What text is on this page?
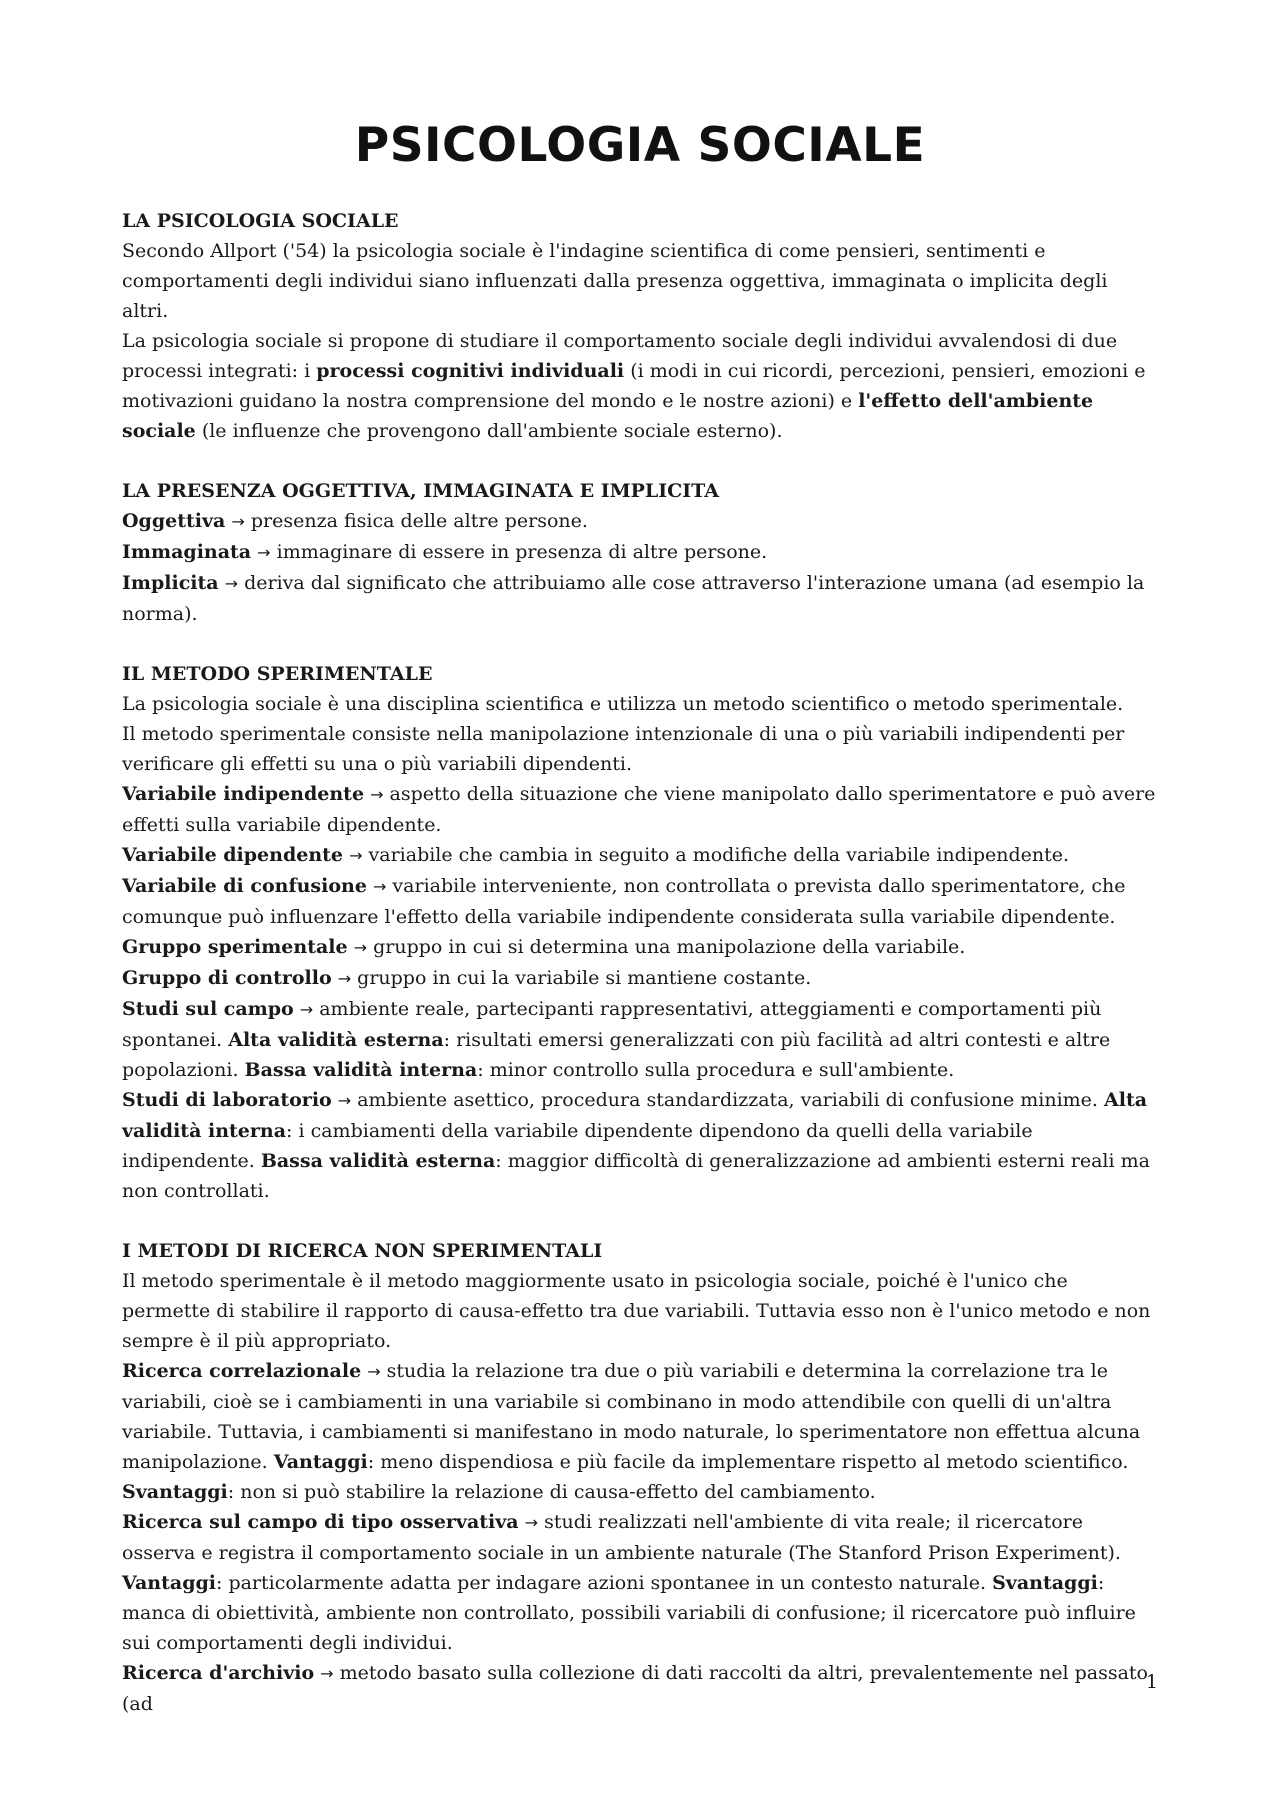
PSICOLOGIA SOCIALE
LA PSICOLOGIA SOCIALE

Secondo Allport ('54) la psicologia sociale è l'indagine scientifica di come pensieri, sentimenti e comportamenti degli individui siano influenzati dalla presenza oggettiva, immaginata o implicita degli altri.

La psicologia sociale si propone di studiare il comportamento sociale degli individui avvalendosi di due processi integrati: i processi cognitivi individuali (i modi in cui ricordi, percezioni, pensieri, emozioni e motivazioni guidano la nostra comprensione del mondo e le nostre azioni) e l'effetto dell'ambiente sociale (le influenze che provengono dall'ambiente sociale esterno).

LA PRESENZA OGGETTIVA, IMMAGINATA E IMPLICITA

Oggettiva → presenza fisica delle altre persone.

Immaginata → immaginare di essere in presenza di altre persone.

Implicita → deriva dal significato che attribuiamo alle cose attraverso l'interazione umana (ad esempio la norma).

IL METODO SPERIMENTALE

La psicologia sociale è una disciplina scientifica e utilizza un metodo scientifico o metodo sperimentale.

Il metodo sperimentale consiste nella manipolazione intenzionale di una o più variabili indipendenti per verificare gli effetti su una o più variabili dipendenti.

Variabile indipendente → aspetto della situazione che viene manipolato dallo sperimentatore e può avere effetti sulla variabile dipendente.

Variabile dipendente → variabile che cambia in seguito a modifiche della variabile indipendente.

Variabile di confusione → variabile interveniente, non controllata o prevista dallo sperimentatore, che comunque può influenzare l'effetto della variabile indipendente considerata sulla variabile dipendente.

Gruppo sperimentale → gruppo in cui si determina una manipolazione della variabile.

Gruppo di controllo → gruppo in cui la variabile si mantiene costante.

Studi sul campo → ambiente reale, partecipanti rappresentativi, atteggiamenti e comportamenti più spontanei. Alta validità esterna: risultati emersi generalizzati con più facilità ad altri contesti e altre popolazioni. Bassa validità interna: minor controllo sulla procedura e sull'ambiente.

Studi di laboratorio → ambiente asettico, procedura standardizzata, variabili di confusione minime. Alta validità interna: i cambiamenti della variabile dipendente dipendono da quelli della variabile indipendente. Bassa validità esterna: maggior difficoltà di generalizzazione ad ambienti esterni reali ma non controllati.

I METODI DI RICERCA NON SPERIMENTALI

Il metodo sperimentale è il metodo maggiormente usato in psicologia sociale, poiché è l'unico che permette di stabilire il rapporto di causa-effetto tra due variabili. Tuttavia esso non è l'unico metodo e non sempre è il più appropriato.

Ricerca correlazionale → studia la relazione tra due o più variabili e determina la correlazione tra le variabili, cioè se i cambiamenti in una variabile si combinano in modo attendibile con quelli di un'altra variabile. Tuttavia, i cambiamenti si manifestano in modo naturale, lo sperimentatore non effettua alcuna manipolazione. Vantaggi: meno dispendiosa e più facile da implementare rispetto al metodo scientifico. Svantaggi: non si può stabilire la relazione di causa-effetto del cambiamento.

Ricerca sul campo di tipo osservativa → studi realizzati nell'ambiente di vita reale; il ricercatore osserva e registra il comportamento sociale in un ambiente naturale (The Stanford Prison Experiment). Vantaggi: particolarmente adatta per indagare azioni spontanee in un contesto naturale. Svantaggi: manca di obiettività, ambiente non controllato, possibili variabili di confusione; il ricercatore può influire sui comportamenti degli individui.

Ricerca d'archivio → metodo basato sulla collezione di dati raccolti da altri, prevalentemente nel passato (ad

1
